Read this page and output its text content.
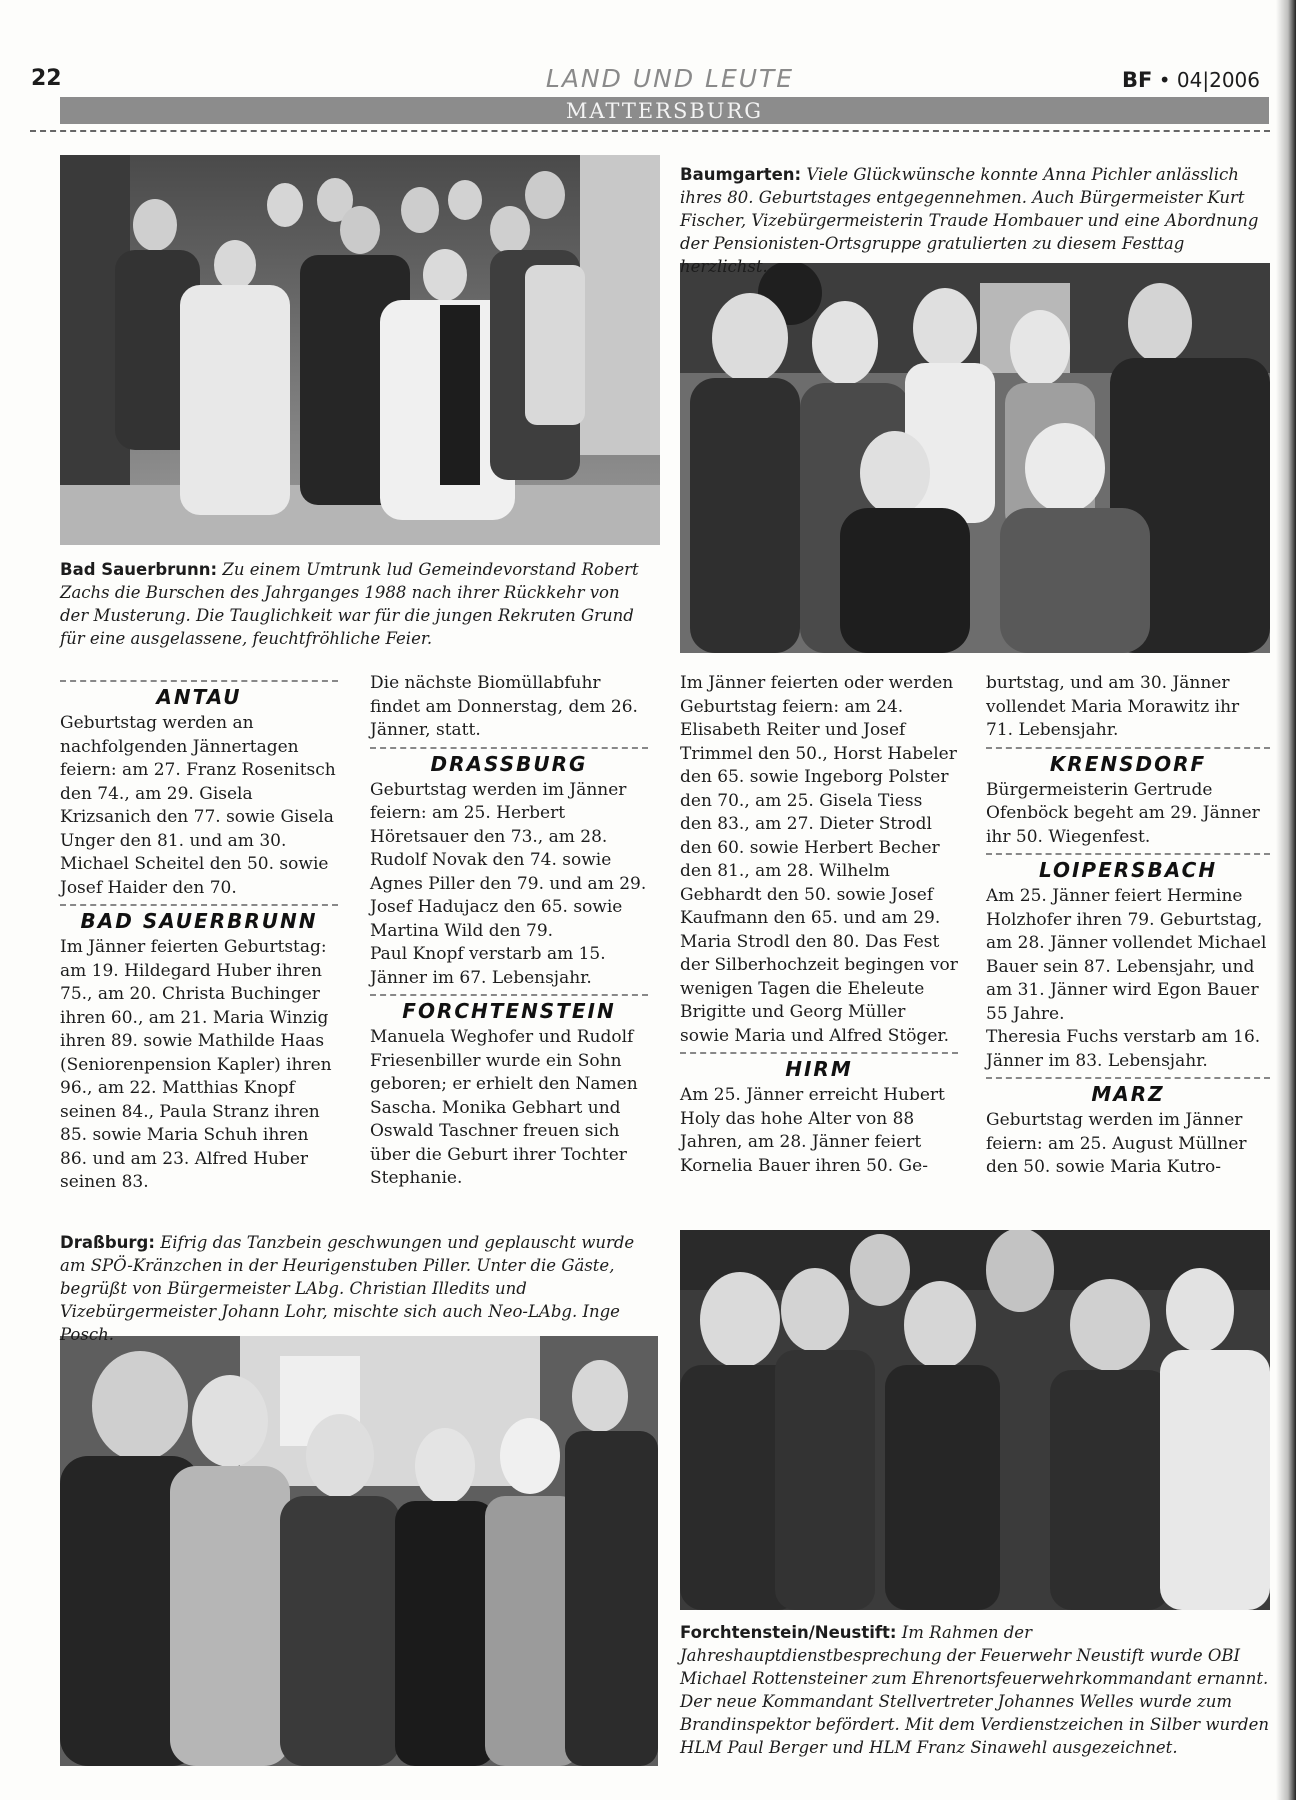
22	LAND UND LEUTE	BF • 04|2006
MATTERSBURG
Baumgarten: Viele Glückwünsche konnte Anna Pichler anlässlich ihres 80. Geburtstages entgegennehmen. Auch Bürgermeister Kurt Fischer, Vizebürgermeisterin Traude Hombauer und eine Abordnung der Pensionisten-Ortsgruppe gratulierten zu diesem Festtag herzlichst.
Bad Sauerbrunn: Zu einem Umtrunk lud Gemeindevorstand Robert Zachs die Burschen des Jahrganges 1988 nach ihrer Rückkehr von der Musterung. Die Tauglichkeit war für die jungen Rekruten Grund für eine ausgelassene, feuchtfröhliche Feier.
Draßburg: Eifrig das Tanzbein geschwungen und geplauscht wurde am SPÖ-Kränzchen in der Heurigenstuben Piller. Unter die Gäste, begrüßt von Bürgermeister LAbg. Christian Illedits und Vizebürgermeister Johann Lohr, mischte sich auch Neo-LAbg. Inge Posch.
Forchtenstein/Neustift: Im Rahmen der Jahreshauptdienstbesprechung der Feuerwehr Neustift wurde OBI Michael Rottensteiner zum Ehrenortsfeuerwehrkommandant ernannt. Der neue Kommandant Stellvertreter Johannes Welles wurde zum Brandinspektor befördert. Mit dem Verdienstzeichen in Silber wurden HLM Paul Berger und HLM Franz Sinawehl ausgezeichnet.
ANTAU

Geburtstag werden an nachfolgenden Jännertagen feiern: am 27. Franz Rosenitsch den 74., am 29. Gisela Krizsanich den 77. sowie Gisela Unger den 81. und am 30. Michael Scheitel den 50. sowie Josef Haider den 70.

BAD SAUERBRUNN

Im Jänner feierten Geburtstag: am 19. Hildegard Huber ihren 75., am 20. Christa Buchinger ihren 60., am 21. Maria Winzig ihren 89. sowie Mathilde Haas (Seniorenpension Kapler) ihren 96., am 22. Matthias Knopf seinen 84., Paula Stranz ihren 85. sowie Maria Schuh ihren 86. und am 23. Alfred Huber seinen 83.

Die nächste Biomüllabfuhr findet am Donnerstag, dem 26. Jänner, statt.

DRASSBURG

Geburtstag werden im Jänner feiern: am 25. Herbert Höretsauer den 73., am 28. Rudolf Novak den 74. sowie Agnes Piller den 79. und am 29. Josef Hadujacz den 65. sowie Martina Wild den 79.

Paul Knopf verstarb am 15. Jänner im 67. Lebensjahr.

FORCHTENSTEIN

Manuela Weghofer und Rudolf Friesenbiller wurde ein Sohn geboren; er erhielt den Namen Sascha. Monika Gebhart und Oswald Taschner freuen sich über die Geburt ihrer Tochter Stephanie.

Im Jänner feierten oder werden Geburtstag feiern: am 24. Elisabeth Reiter und Josef Trimmel den 50., Horst Habeler den 65. sowie Ingeborg Polster den 70., am 25. Gisela Tiess den 83., am 27. Dieter Strodl den 60. sowie Herbert Becher den 81., am 28. Wilhelm Gebhardt den 50. sowie Josef Kaufmann den 65. und am 29. Maria Strodl den 80. Das Fest der Silberhochzeit begingen vor wenigen Tagen die Eheleute Brigitte und Georg Müller sowie Maria und Alfred Stöger.

HIRM

Am 25. Jänner erreicht Hubert Holy das hohe Alter von 88 Jahren, am 28. Jänner feiert Kornelia Bauer ihren 50. Ge-

burtstag, und am 30. Jänner vollendet Maria Morawitz ihr 71. Lebensjahr.

KRENSDORF

Bürgermeisterin Gertrude Ofenböck begeht am 29. Jänner ihr 50. Wiegenfest.

LOIPERSBACH

Am 25. Jänner feiert Hermine Holzhofer ihren 79. Geburtstag, am 28. Jänner vollendet Michael Bauer sein 87. Lebensjahr, und am 31. Jänner wird Egon Bauer 55 Jahre.

Theresia Fuchs verstarb am 16. Jänner im 83. Lebensjahr.

MARZ

Geburtstag werden im Jänner feiern: am 25. August Müllner den 50. sowie Maria Kutro-
